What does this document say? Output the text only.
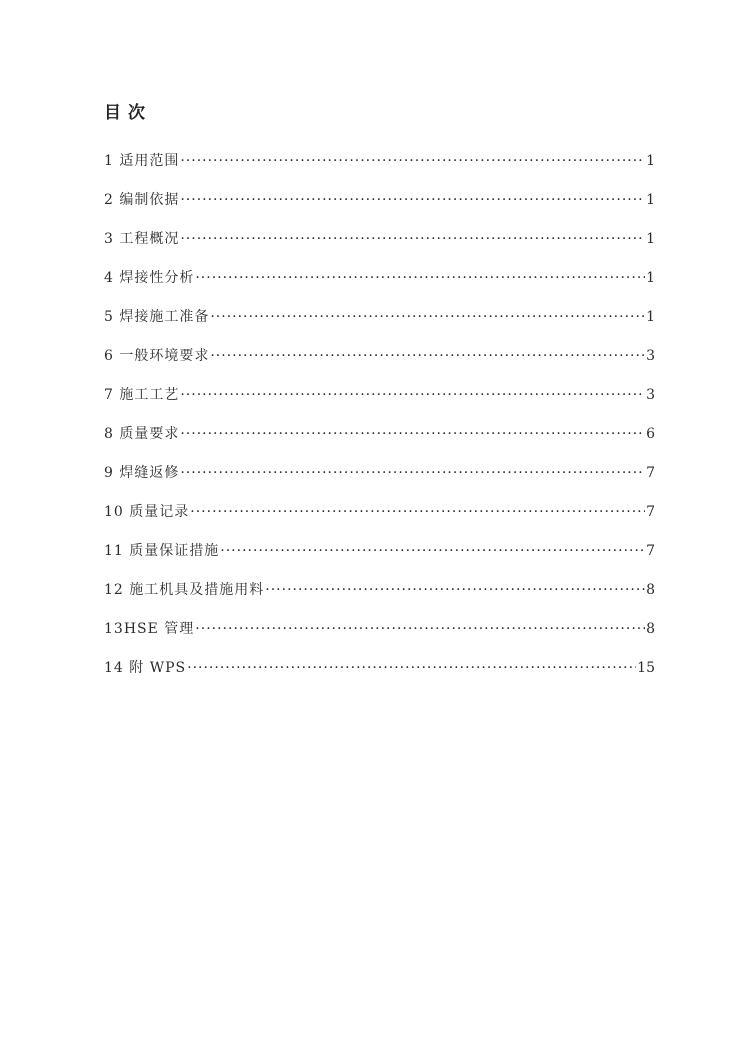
目次
1 适用范围 ·····	1
2 编制依据 ·····	1
3 工程概况 ·····	1
4 焊接性分析 ·····	1
5 焊接施工准备 ·····	1
6 一般环境要求 ·····	3
7 施工工艺 ·····	3
8 质量要求 ·····	6
9 焊缝返修 ·····	7
10 质量记录 ·····	7
11 质量保证措施 ·····	7
12 施工机具及措施用料 ·····	8
13HSE 管理 ·····	8
14 附 WPS ·····	15
